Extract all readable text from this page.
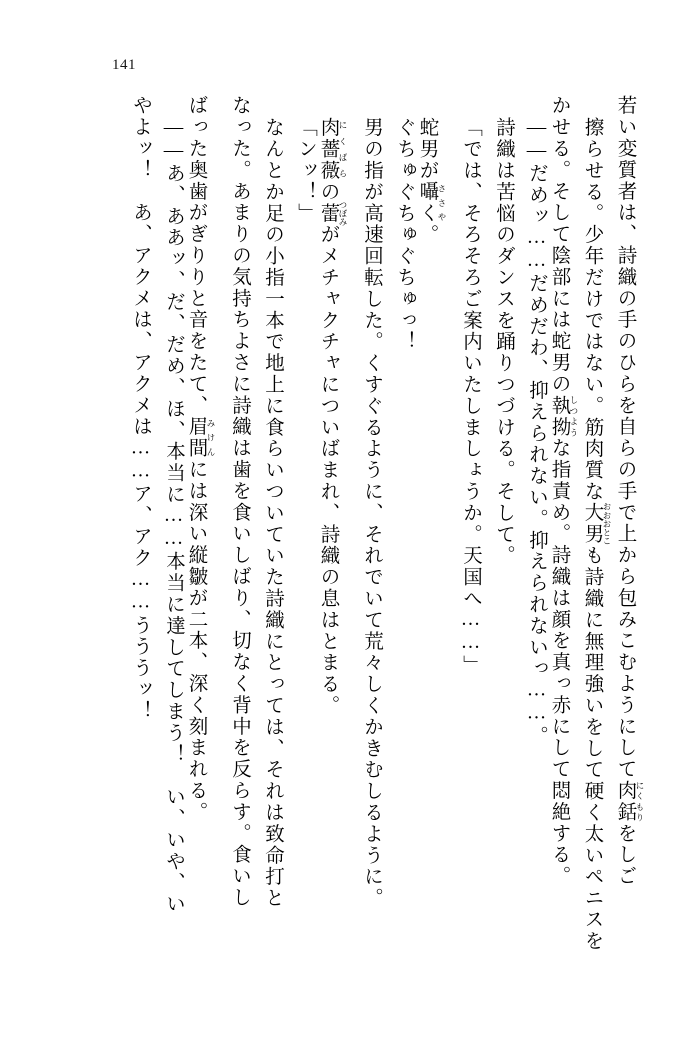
141
若い変質者は、詩織の手のひらを自らの手で上から包みこむようにして肉銛 にくもりをしご
擦らせる。少年だけではない。筋肉質な大男 おおおとこも詩織に無理強いをして硬く太いペニスを
かせる。そして陰部には蛇男の執拗 しつような指責め。詩織は顔を真っ赤にして悶絶する。
――だめッ……だめだわ、抑えられない。抑えられないっ……。
詩織は苦悩のダンスを踊りつづける。そして。
「では、そろそろご案内いたしましょうか。天国へ……」
蛇男が囁く ささや。
ぐちゅぐちゅぐちゅっ！
男の指が高速回転した。くすぐるように、それでいて荒々しくかきむしるように。
肉薔薇 にくばらの蕾 つぼみがメチャクチャについばまれ、詩織の息はとまる。
「ンッ！」
なんとか足の小指一本で地上に食らいついていた詩織にとっては、それは致命打と
なった。あまりの気持ちよさに詩織は歯を食いしばり、切なく背中を反らす。食いし
ばった奥歯がぎりりと音をたて、眉間 みけんには深い縦皺が二本、深く刻まれる。
――あ、ああッ、だ、だめ、ほ、本当に……本当に達してしまう！　い、いや、い
やよッ！　あ、アクメは、アクメは……ア、アク……うううッ！
